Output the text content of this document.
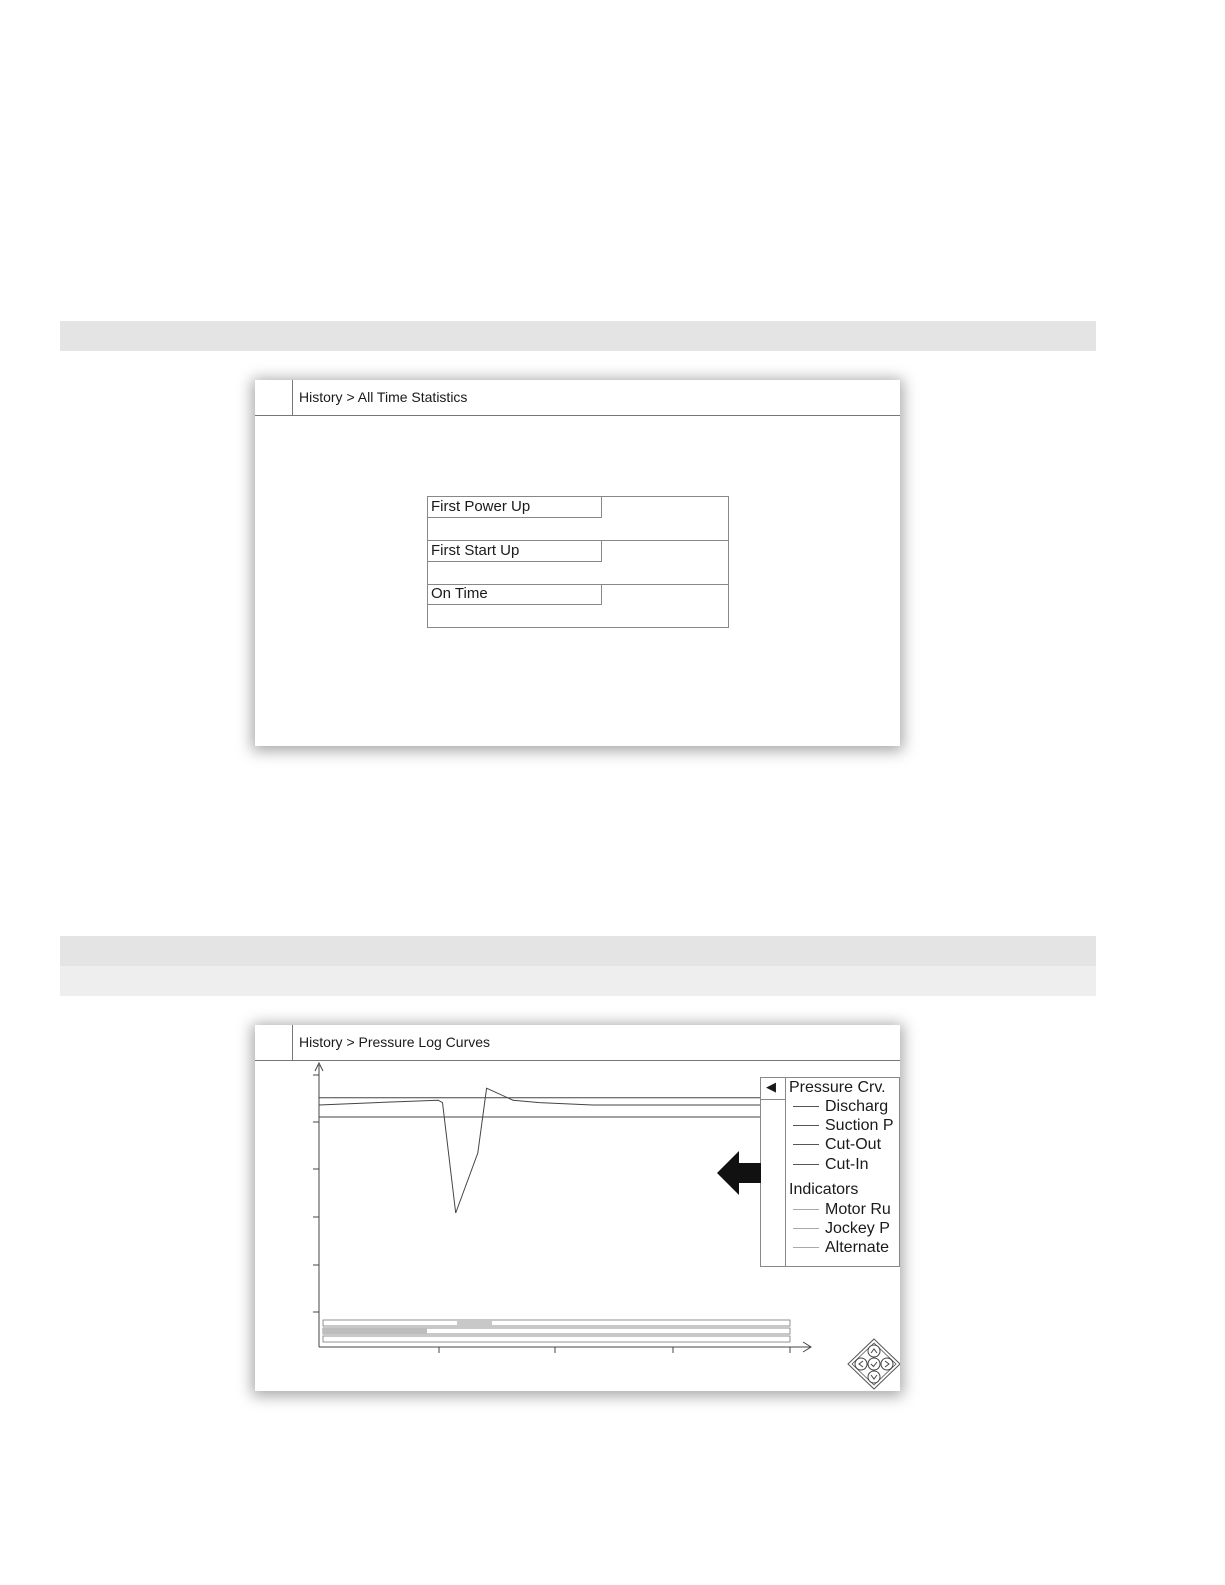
History > All Time Statistics
First Power Up
First Start Up
On Time
History > Pressure Log Curves
◀ Pressure Crv.
Discharg
Suction P
Cut-Out
Cut-In
Indicators
Motor Ru
Jockey P
Alternate
